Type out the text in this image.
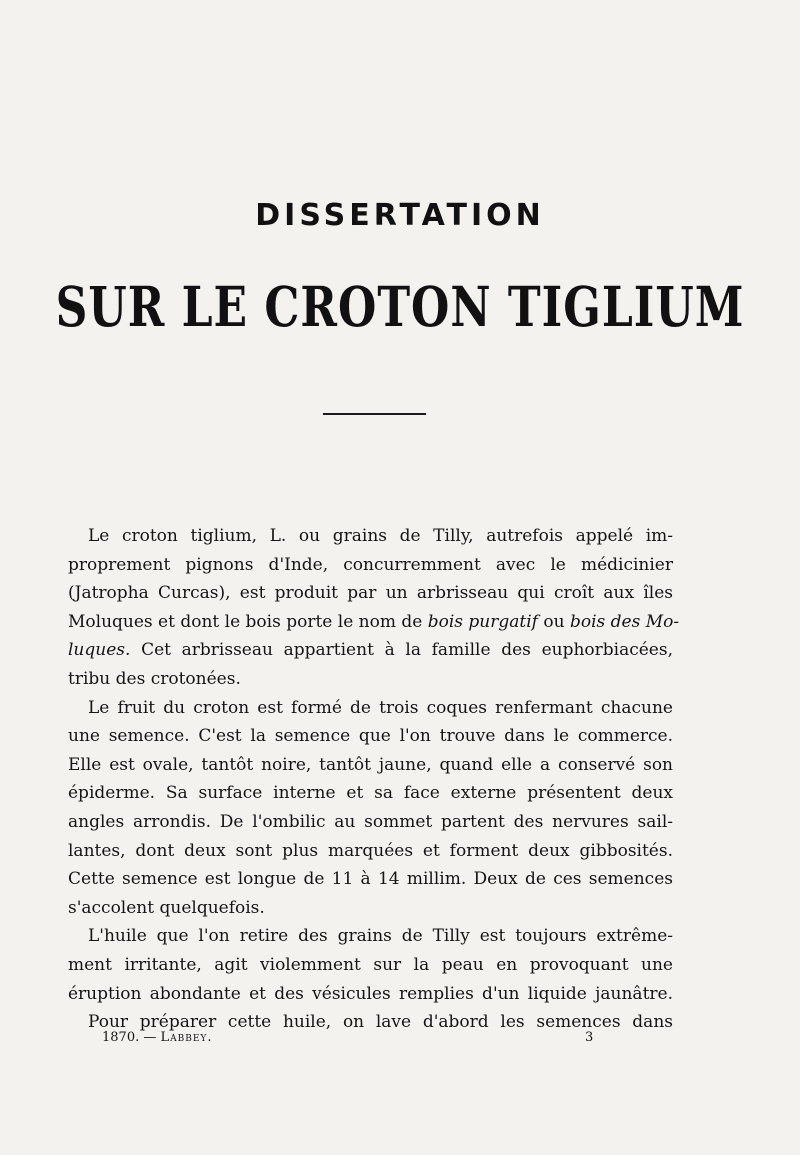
DISSERTATION
SUR LE CROTON TIGLIUM
Le croton tiglium, L. ou grains de Tilly, autrefois appelé im-
proprement pignons d'Inde, concurremment avec le médicinier
(Jatropha Curcas), est produit par un arbrisseau qui croît aux îles
Moluques et dont le bois porte le nom de bois purgatif ou bois des Mo-
luques. Cet arbrisseau appartient à la famille des euphorbiacées,
tribu des crotonées.
Le fruit du croton est formé de trois coques renfermant chacune
une semence. C'est la semence que l'on trouve dans le commerce.
Elle est ovale, tantôt noire, tantôt jaune, quand elle a conservé son
épiderme. Sa surface interne et sa face externe présentent deux
angles arrondis. De l'ombilic au sommet partent des nervures sail-
lantes, dont deux sont plus marquées et forment deux gibbosités.
Cette semence est longue de 11 à 14 millim. Deux de ces semences
s'accolent quelquefois.
L'huile que l'on retire des grains de Tilly est toujours extrême-
ment irritante, agit violemment sur la peau en provoquant une
éruption abondante et des vésicules remplies d'un liquide jaunâtre.
Pour préparer cette huile, on lave d'abord les semences dans
1870. — Labbey.	3
